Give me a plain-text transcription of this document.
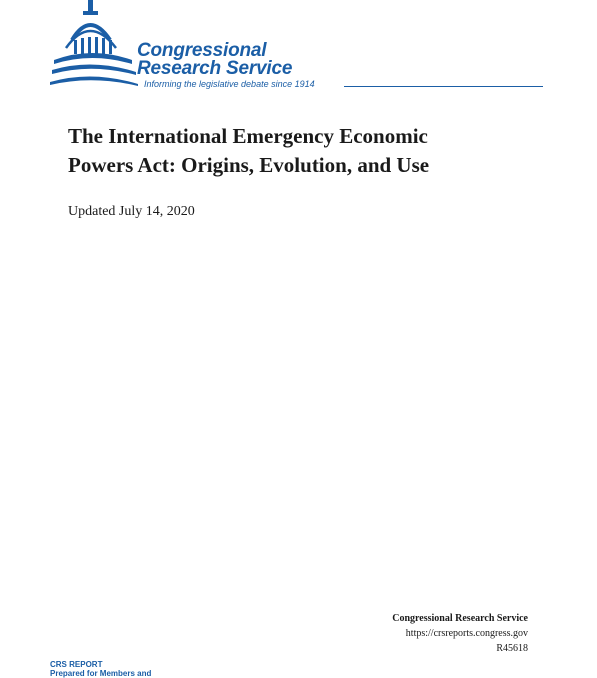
Congressional
Research Service
Informing the legislative debate since 1914
The International Emergency Economic
Powers Act: Origins, Evolution, and Use
Updated July 14, 2020
Congressional Research Service
https://crsreports.congress.gov
R45618
CRS REPORT
Prepared for Members and
